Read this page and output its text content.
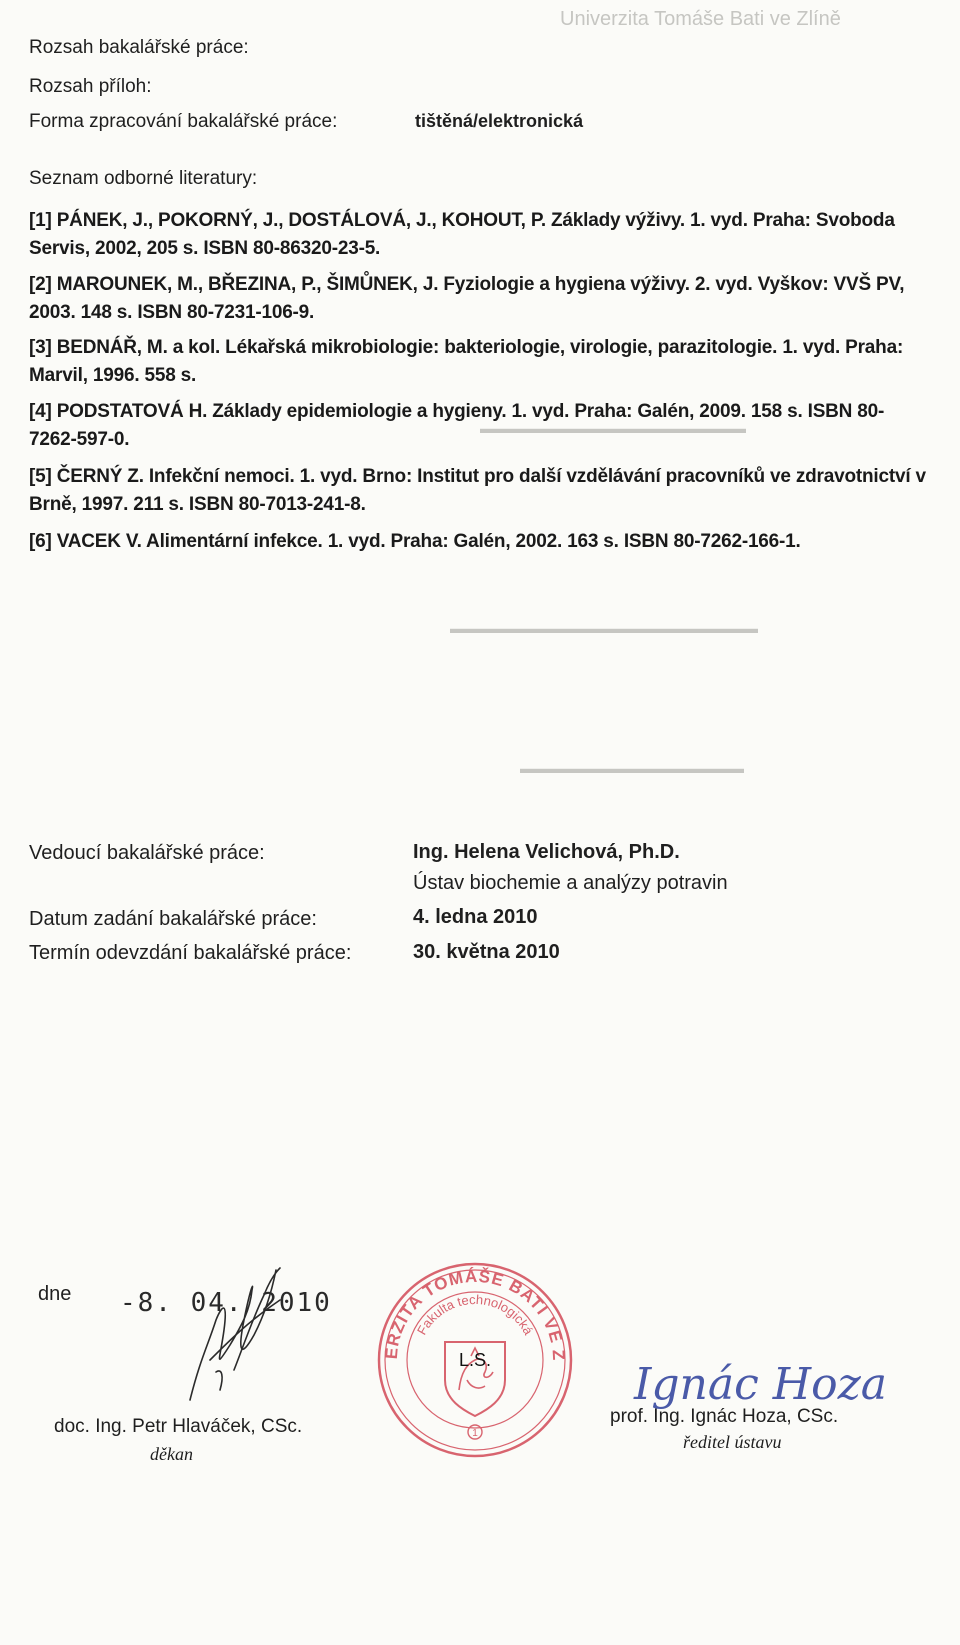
Univerzita Tomáše Bati ve Zlíně
▬▬▬▬▬▬▬▬▬▬▬▬▬▬▬▬▬▬▬
▬▬▬▬▬▬▬▬▬▬▬▬▬▬▬▬▬▬▬▬▬▬
▬▬▬▬▬▬▬▬▬▬▬▬▬▬▬▬
Rozsah bakalářské práce:
Rozsah příloh:
Forma zpracování bakalářské práce:	tištěná/elektronická
Seznam odborné literatury:
[1] PÁNEK, J., POKORNÝ, J., DOSTÁLOVÁ, J., KOHOUT, P. Základy výživy. 1. vyd. Praha: Svoboda Servis, 2002, 205 s. ISBN 80-86320-23-5.
[2] MAROUNEK, M., BŘEZINA, P., ŠIMŮNEK, J. Fyziologie a hygiena výživy. 2. vyd. Vyškov: VVŠ PV, 2003. 148 s. ISBN 80-7231-106-9.
[3] BEDNÁŘ, M. a kol. Lékařská mikrobiologie: bakteriologie, virologie, parazitologie. 1. vyd. Praha: Marvil, 1996. 558 s.
[4] PODSTATOVÁ H. Základy epidemiologie a hygieny. 1. vyd. Praha: Galén, 2009. 158 s. ISBN 80-7262-597-0.
[5] ČERNÝ Z. Infekční nemoci. 1. vyd. Brno: Institut pro další vzdělávání pracovníků ve zdravotnictví v Brně, 1997. 211 s. ISBN 80-7013-241-8.
[6] VACEK V. Alimentární infekce. 1. vyd. Praha: Galén, 2002. 163 s. ISBN 80-7262-166-1.
Vedoucí bakalářské práce:	Ing. Helena Velichová, Ph.D.
Ústav biochemie a analýzy potravin
Datum zadání bakalářské práce:	4. ledna 2010
Termín odevzdání bakalářské práce:	30. května 2010
dne -8. 04. 2010
doc. Ing. Petr Hlaváček, CSc.
děkan
UNIVERZITA TOMÁŠE BATI VE ZLÍNĚ
Fakulta technologická
1
L.S.	Ignác Hoza
prof. Ing. Ignác Hoza, CSc.
ředitel ústavu
